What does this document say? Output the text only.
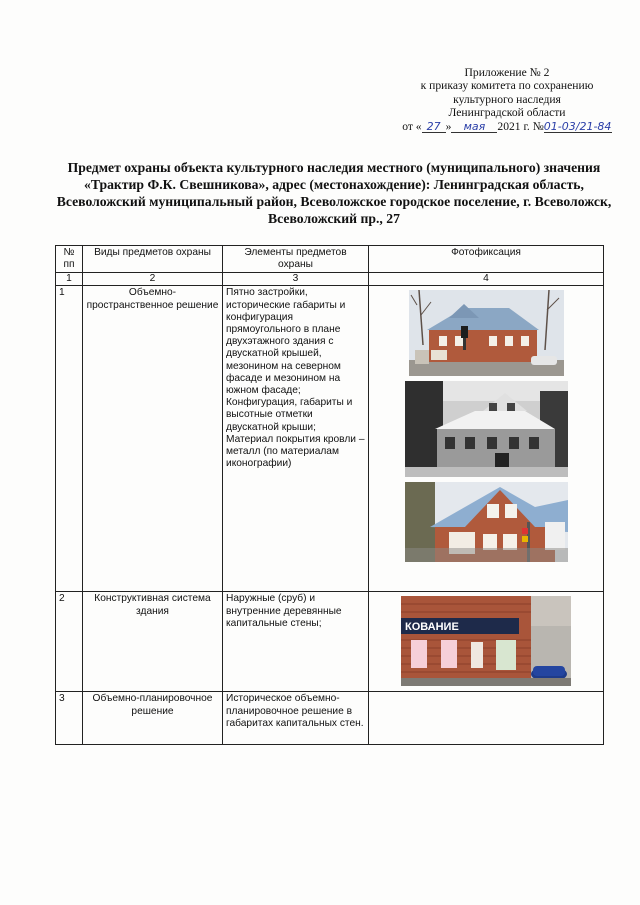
Приложение № 2
к приказу комитета по сохранению
культурного наследия
Ленинградской области
от « 27 » мая 2021 г. №01-03/21-84
Предмет охраны объекта культурного наследия местного (муниципального) значения «Трактир Ф.К. Свешникова», адрес (местонахождение): Ленинградская область, Всеволожский муниципальный район, Всеволожское городское поселение, г. Всеволожск, Всеволожский пр., 27
№ пп	Виды предметов охраны	Элементы предметов охраны	Фотофиксация
1	2	3	4
1	Объемно-пространственное решение	Пятно застройки, исторические габариты и конфигурация прямоугольного в плане двухэтажного здания с двускатной крышей, мезонином на северном фасаде и мезонином на южном фасаде; Конфигурация, габариты и высотные отметки двускатной крыши; Материал покрытия кровли – металл (по материалам иконографии)	

2	Конструктивная система здания	Наружные (сруб) и внутренние деревянные капитальные стены;	КОВАНИЕ

3	Объемно-планировочное решение	Историческое объемно-планировочное решение в габаритах капитальных стен.	
